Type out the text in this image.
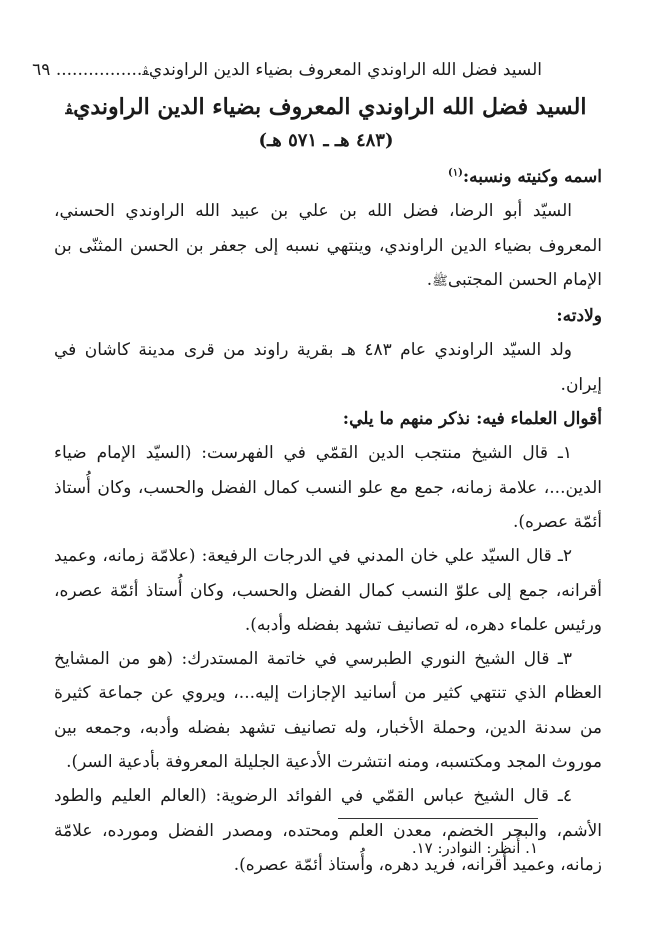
السيد فضل الله الراوندي المعروف بضياء الدين الراونديﭭ
................ ٦٩
السيد فضل الله الراوندي المعروف بضياء الدين الراونديﭭ
(٤٨٣ هـ ـ ٥٧١ هـ)

اسمه وكنيته ونسبه:$^{(١)}$

السيّد أبو الرضا، فضل الله بن علي بن عبيد الله الراوندي الحسني، المعروف بضياء الدين الراوندي، وينتهي نسبه إلى جعفر بن الحسن المثنّى بن الإمام الحسن المجتبىﷺ.

ولادته:

ولد السيّد الراوندي عام ٤٨٣ هـ بقرية راوند من قرى مدينة كاشان في إيران.

أقوال العلماء فيه: نذكر منهم ما يلي:

١ـ قال الشيخ منتجب الدين القمّي في الفهرست: (السيّد الإمام ضياء الدين...، علامة زمانه، جمع مع علو النسب كمال الفضل والحسب، وكان أُستاذ أئمّة عصره).

٢ـ قال السيّد علي خان المدني في الدرجات الرفيعة: (علامّة زمانه، وعميد أقرانه، جمع إلى علوّ النسب كمال الفضل والحسب، وكان أُستاذ أئمّة عصره، ورئيس علماء دهره، له تصانيف تشهد بفضله وأدبه).

٣ـ قال الشيخ النوري الطبرسي في خاتمة المستدرك: (هو من المشايخ العظام الذي تنتهي كثير من أسانيد الإجازات إليه...، ويروي عن جماعة كثيرة من سدنة الدين، وحملة الأخبار، وله تصانيف تشهد بفضله وأدبه، وجمعه بين موروث المجد ومكتسبه، ومنه انتشرت الأدعية الجليلة المعروفة بأدعية السر).

٤ـ قال الشيخ عباس القمّي في الفوائد الرضوية: (العالم العليم والطود الأشم، والبحر الخضم، معدن العلم ومحتده، ومصدر الفضل ومورده، علامّة زمانه، وعميد أقرانه، فريد دهره، وأُستاذ أئمّة عصره).

١. أُنظر: النوادر: ١٧.
